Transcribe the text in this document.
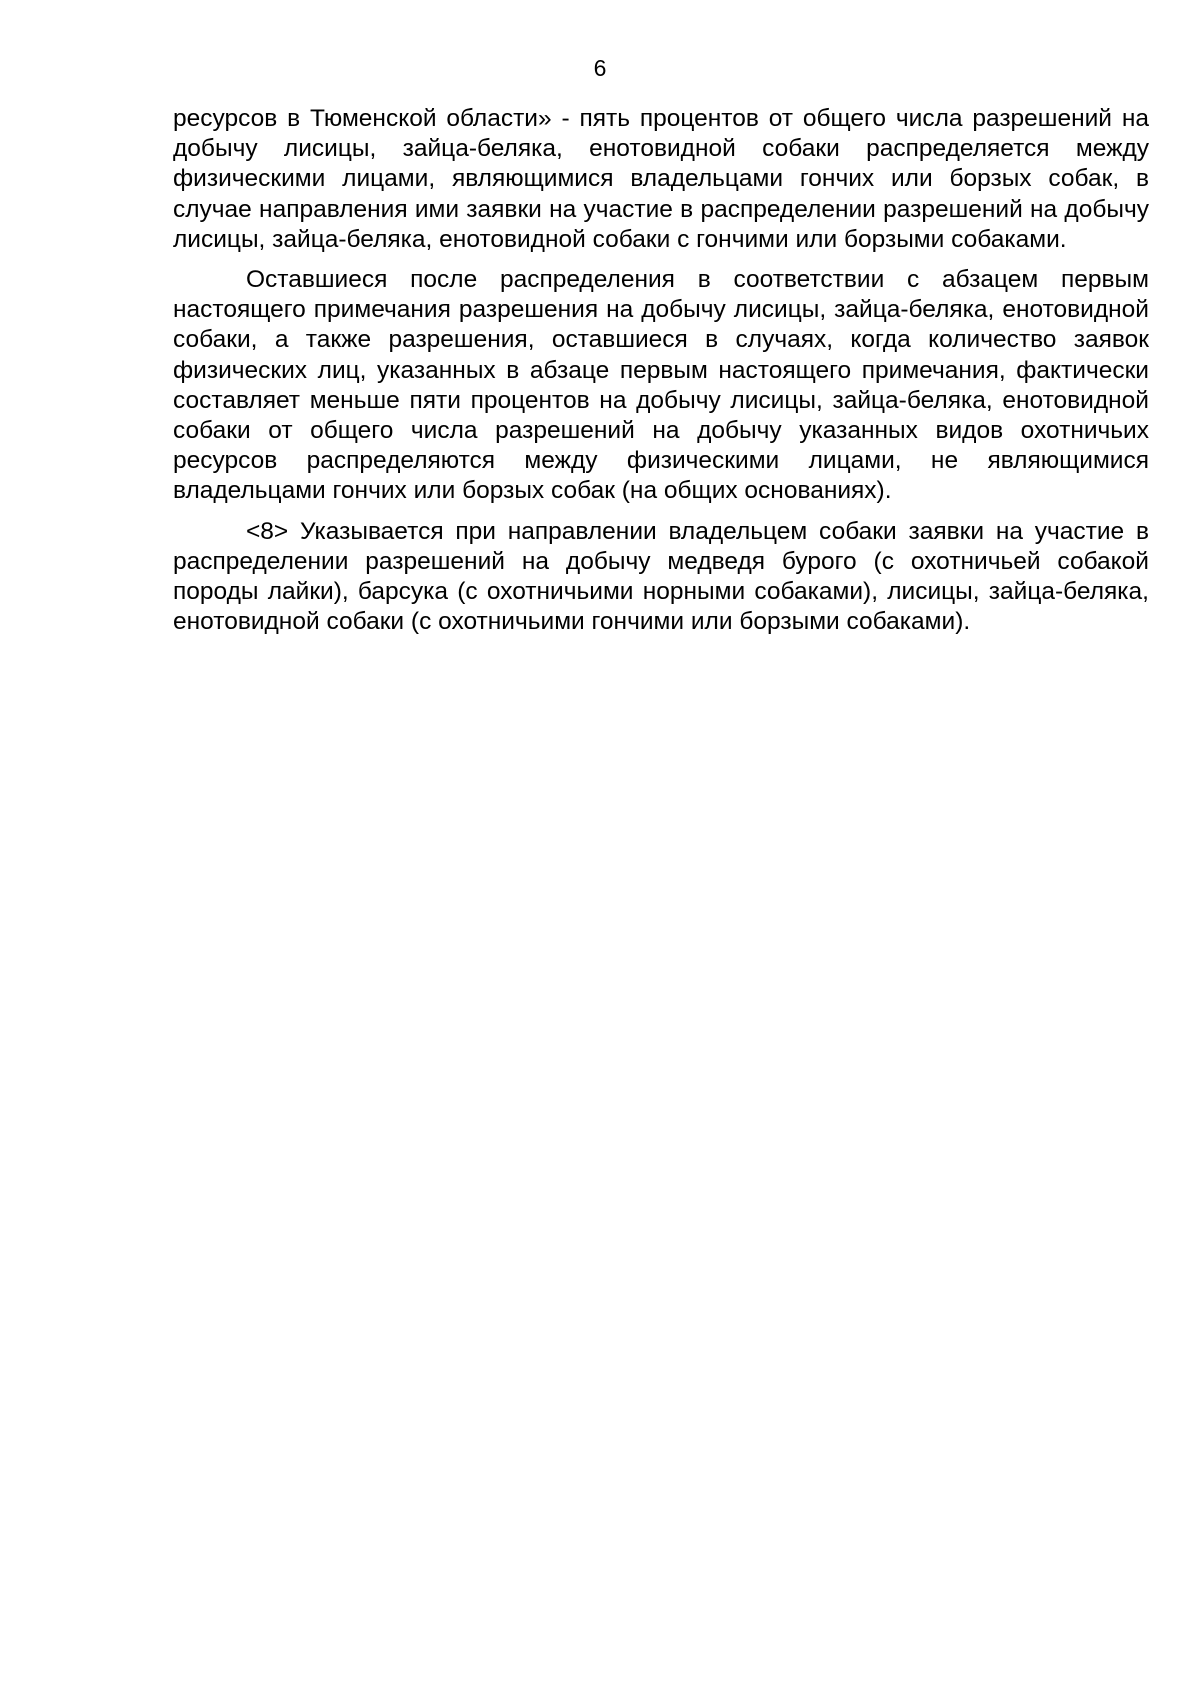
6

ресурсов в Тюменской области» - пять процентов от общего числа разрешений на добычу лисицы, зайца-беляка, енотовидной собаки распределяется между физическими лицами, являющимися владельцами гончих или борзых собак, в случае направления ими заявки на участие в распределении разрешений на добычу лисицы, зайца-беляка, енотовидной собаки с гончими или борзыми собаками.

Оставшиеся после распределения в соответствии с абзацем первым настоящего примечания разрешения на добычу лисицы, зайца-беляка, енотовидной собаки, а также разрешения, оставшиеся в случаях, когда количество заявок физических лиц, указанных в абзаце первым настоящего примечания, фактически составляет меньше пяти процентов на добычу лисицы, зайца-беляка, енотовидной собаки от общего числа разрешений на добычу указанных видов охотничьих ресурсов распределяются между физическими лицами, не являющимися владельцами гончих или борзых собак (на общих основаниях).

<8> Указывается при направлении владельцем собаки заявки на участие в распределении разрешений на добычу медведя бурого (с охотничьей собакой породы лайки), барсука (с охотничьими норными собаками), лисицы, зайца-беляка, енотовидной собаки (с охотничьими гончими или борзыми собаками).
